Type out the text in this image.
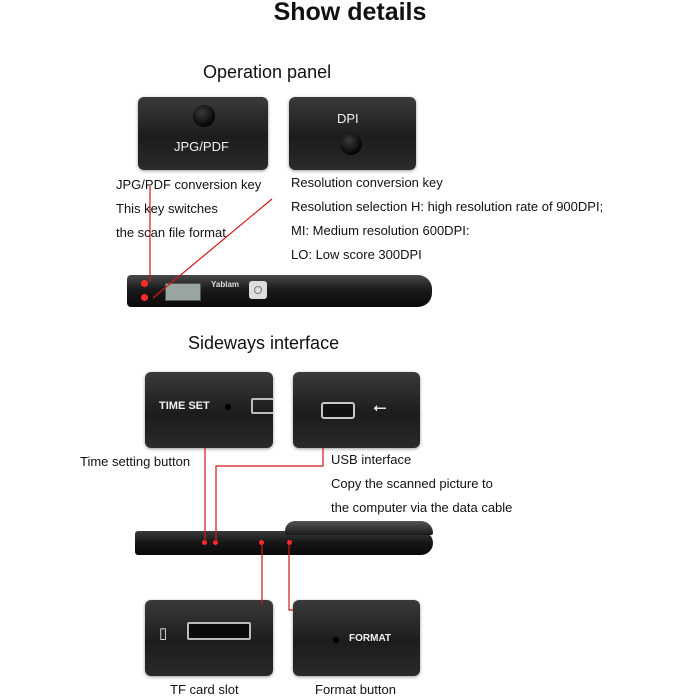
Show details
Operation panel
JPG/PDF
DPI
JPG/PDF conversion key
This key switches
the scan file format
Resolution conversion key
Resolution selection H: high resolution rate of 900DPI;
MI: Medium resolution 600DPI:
LO: Low score 300DPI
Yablam
Sideways interface
TIME SET	⭠
Time setting button	USB interface
Copy the scanned picture to
the computer via the data cable
▯	FORMAT
TF card slot	Format button
